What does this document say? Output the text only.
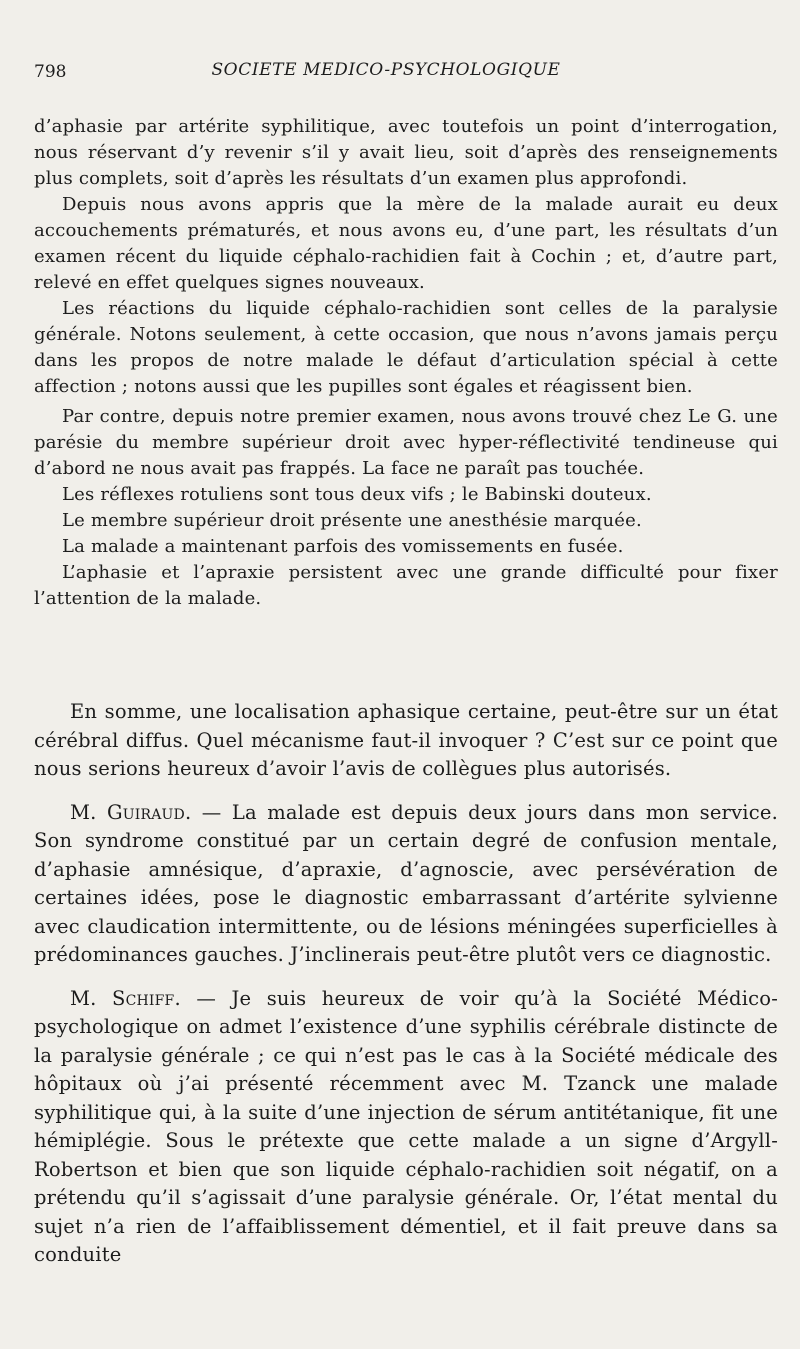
798	SOCIETE MEDICO-PSYCHOLOGIQUE

d’aphasie par artérite syphilitique, avec toutefois un point d’interrogation, nous réservant d’y revenir s’il y avait lieu, soit d’après des renseignements plus complets, soit d’après les résultats d’un examen plus approfondi.

Depuis nous avons appris que la mère de la malade aurait eu deux accouchements prématurés, et nous avons eu, d’une part, les résultats d’un examen récent du liquide céphalo-rachidien fait à Cochin ; et, d’autre part, relevé en effet quelques signes nouveaux.

Les réactions du liquide céphalo-rachidien sont celles de la paralysie générale. Notons seulement, à cette occasion, que nous n’avons jamais perçu dans les propos de notre malade le défaut d’articulation spécial à cette affection ; notons aussi que les pupilles sont égales et réagissent bien.

Par contre, depuis notre premier examen, nous avons trouvé chez Le G. une parésie du membre supérieur droit avec hyper-réflectivité tendineuse qui d’abord ne nous avait pas frappés. La face ne paraît pas touchée.

Les réflexes rotuliens sont tous deux vifs ; le Babinski douteux.

Le membre supérieur droit présente une anesthésie marquée.

La malade a maintenant parfois des vomissements en fusée.

L’aphasie et l’apraxie persistent avec une grande difficulté pour fixer l’attention de la malade.

En somme, une localisation aphasique certaine, peut-être sur un état cérébral diffus. Quel mécanisme faut-il invoquer ? C’est sur ce point que nous serions heureux d’avoir l’avis de collègues plus autorisés.

M. Guiraud. — La malade est depuis deux jours dans mon service. Son syndrome constitué par un certain degré de confusion mentale, d’aphasie amnésique, d’apraxie, d’agnoscie, avec persévération de certaines idées, pose le diagnostic embarrassant d’artérite sylvienne avec claudication intermittente, ou de lésions méningées superficielles à prédominances gauches. J’inclinerais peut-être plutôt vers ce diagnostic.

M. Schiff. — Je suis heureux de voir qu’à la Société Médico-psychologique on admet l’existence d’une syphilis cérébrale distincte de la paralysie générale ; ce qui n’est pas le cas à la Société médicale des hôpitaux où j’ai présenté récemment avec M. Tzanck une malade syphilitique qui, à la suite d’une injection de sérum antitétanique, fit une hémiplégie. Sous le prétexte que cette malade a un signe d’Argyll-Robertson et bien que son liquide céphalo-rachidien soit négatif, on a prétendu qu’il s’agissait d’une paralysie générale. Or, l’état mental du sujet n’a rien de l’affaiblissement démentiel, et il fait preuve dans sa conduite
